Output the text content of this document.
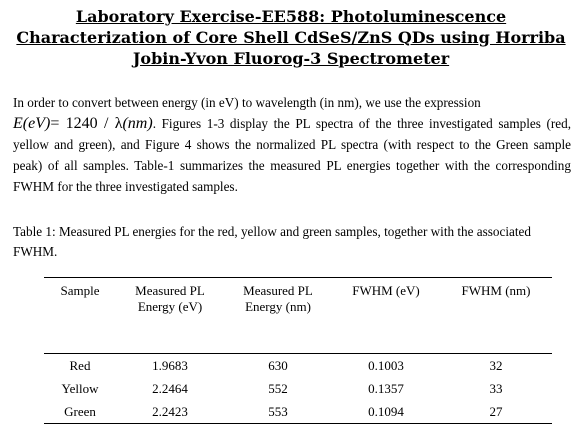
Laboratory Exercise-EE588: Photoluminescence
Characterization of Core Shell CdSeS/ZnS QDs using Horriba
Jobin-Yvon Fluorog-3 Spectrometer
In order to convert between energy (in eV) to wavelength (in nm), we use the expression
E(eV)= 1240 / λ(nm). Figures 1-3 display the PL spectra of the three investigated samples (red, yellow and green), and Figure 4 shows the normalized PL spectra (with respect to the Green sample peak) of all samples. Table-1 summarizes the measured PL energies together with the corresponding FWHM for the three investigated samples.
Table 1: Measured PL energies for the red, yellow and green samples, together with the associated FWHM.
Sample	Measured PL Energy (eV)	Measured PL Energy (nm)	FWHM (eV)	FWHM (nm)
Red	1.9683	630	0.1003	32
Yellow	2.2464	552	0.1357	33
Green	2.2423	553	0.1094	27
